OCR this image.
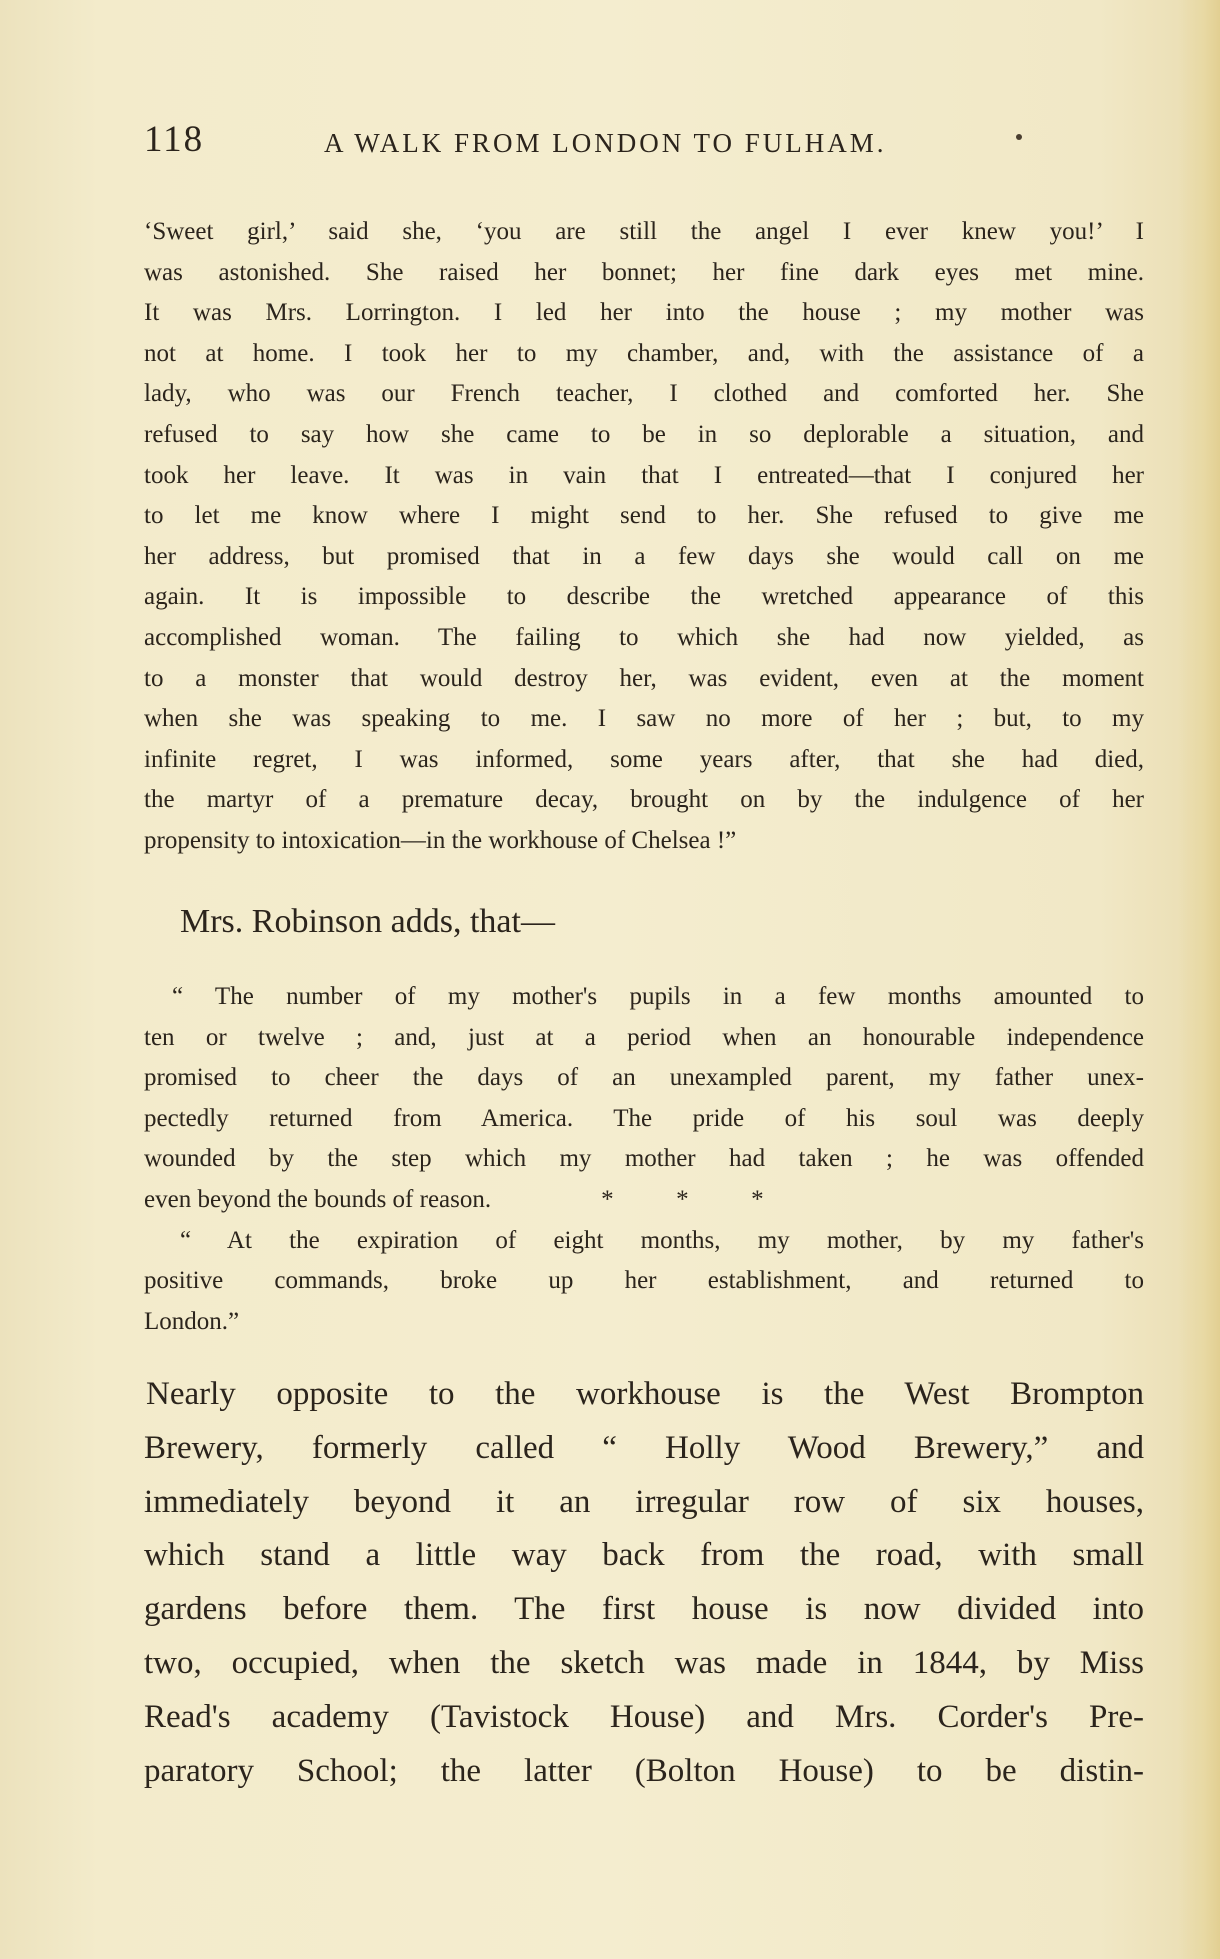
118	A WALK FROM LONDON TO FULHAM.
‘Sweet girl,’ said she, ‘you are still the angel I ever knew you!’ I
was astonished. She raised her bonnet; her fine dark eyes met mine.
It was Mrs. Lorrington. I led her into the house ; my mother was
not at home. I took her to my chamber, and, with the assistance of a
lady, who was our French teacher, I clothed and comforted her. She
refused to say how she came to be in so deplorable a situation, and
took her leave. It was in vain that I entreated—that I conjured her
to let me know where I might send to her. She refused to give me
her address, but promised that in a few days she would call on me
again. It is impossible to describe the wretched appearance of this
accomplished woman. The failing to which she had now yielded, as
to a monster that would destroy her, was evident, even at the moment
when she was speaking to me. I saw no more of her ; but, to my
infinite regret, I was informed, some years after, that she had died,
the martyr of a premature decay, brought on by the indulgence of her
propensity to intoxication—in the workhouse of Chelsea !”
Mrs. Robinson adds, that—
“ The number of my mother's pupils in a few months amounted to
ten or twelve ; and, just at a period when an honourable independence
promised to cheer the days of an unexampled parent, my father unex-
pectedly returned from America. The pride of his soul was deeply
wounded by the step which my mother had taken ; he was offended
even beyond the bounds of reason.	*          *          *
“ At the expiration of eight months, my mother, by my father's
positive commands, broke up her establishment, and returned to
London.”
Nearly opposite to the workhouse is the West Brompton
Brewery, formerly called “ Holly Wood Brewery,” and
immediately beyond it an irregular row of six houses,
which stand a little way back from the road, with small
gardens before them. The first house is now divided into
two, occupied, when the sketch was made in 1844, by Miss
Read's academy (Tavistock House) and Mrs. Corder's Pre-
paratory School; the latter (Bolton House) to be distin-
